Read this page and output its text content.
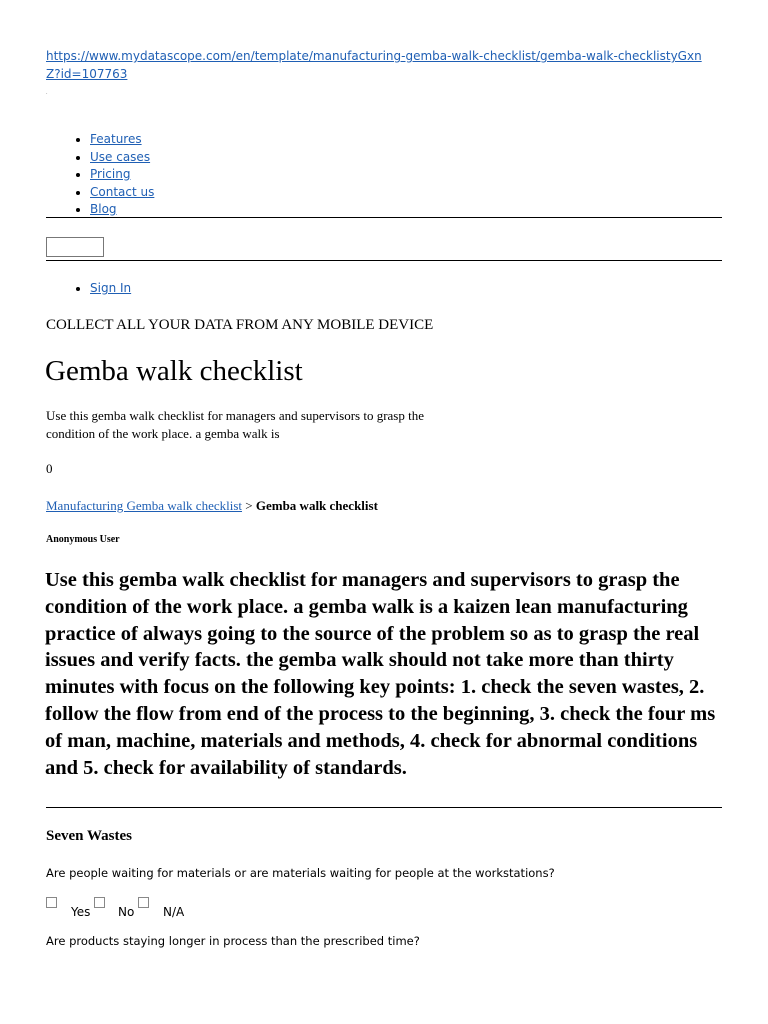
https://www.mydatascope.com/en/template/manufacturing-gemba-walk-checklist/gemba-walk-checklistyGxnZ?id=107763
.
• Features
• Use cases
• Pricing
• Contact us
• Blog
• Sign In
COLLECT ALL YOUR DATA FROM ANY MOBILE DEVICE
Gemba walk checklist
Use this gemba walk checklist for managers and supervisors to grasp the condition of the work place. a gemba walk is
0
Manufacturing Gemba walk checklist > Gemba walk checklist
Anonymous User
Use this gemba walk checklist for managers and supervisors to grasp the condition of the work place. a gemba walk is a kaizen lean manufacturing practice of always going to the source of the problem so as to grasp the real issues and verify facts. the gemba walk should not take more than thirty minutes with focus on the following key points: 1. check the seven wastes, 2. follow the flow from end of the process to the beginning, 3. check the four ms of man, machine, materials and methods, 4. check for abnormal conditions and 5. check for availability of standards.
Seven Wastes
Are people waiting for materials or are materials waiting for people at the workstations?
Yes No N/A
Are products staying longer in process than the prescribed time?
